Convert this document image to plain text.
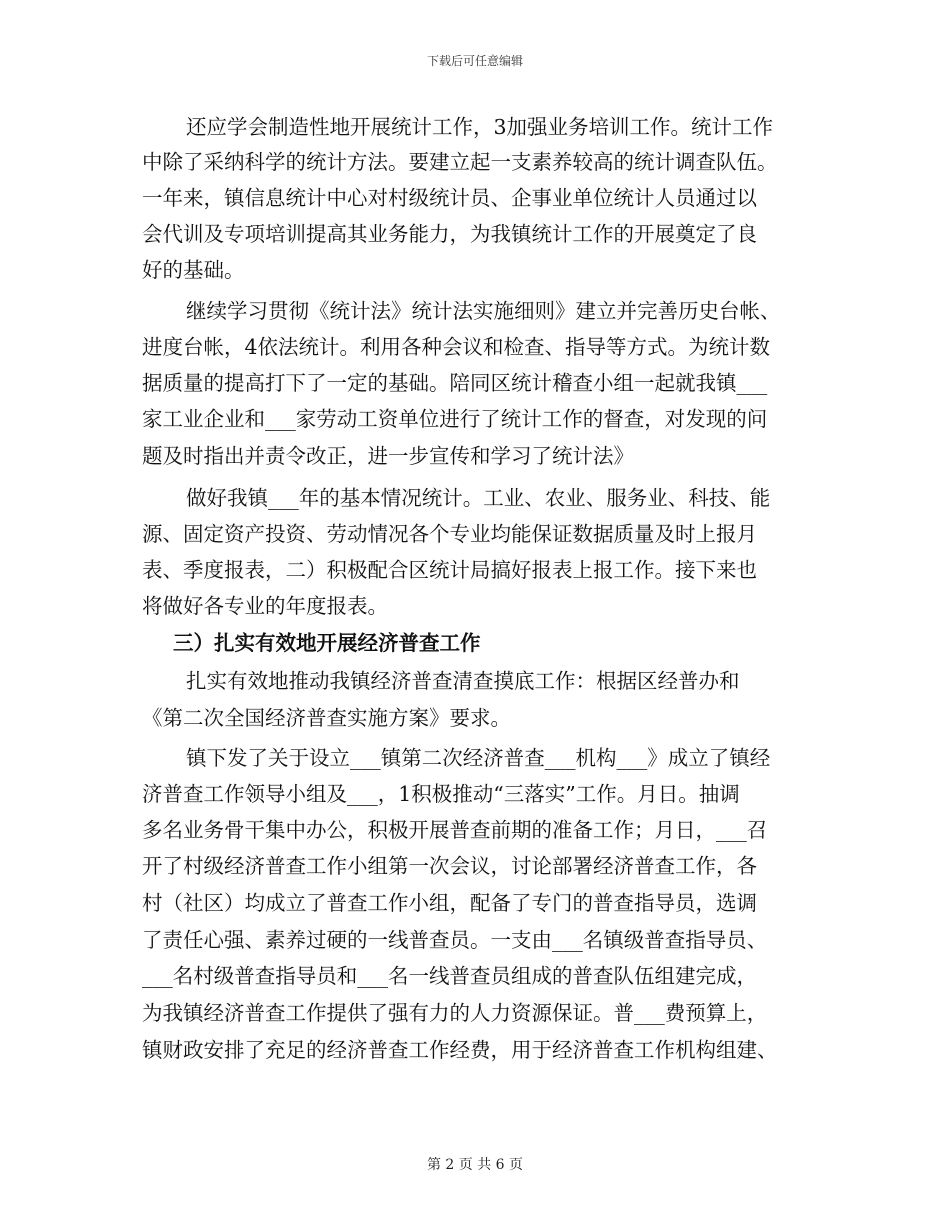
下载后可任意编辑
还应学会制造性地开展统计工作，3加强业务培训工作。统计工作
中除了采纳科学的统计方法。要建立起一支素养较高的统计调查队伍。
一年来，镇信息统计中心对村级统计员、企事业单位统计人员通过以
会代训及专项培训提高其业务能力，为我镇统计工作的开展奠定了良
好的基础。
继续学习贯彻《统计法》统计法实施细则》建立并完善历史台帐、
进度台帐，4依法统计。利用各种会议和检查、指导等方式。为统计数
据质量的提高打下了一定的基础。陪同区统计稽查小组一起就我镇___
家工业企业和___家劳动工资单位进行了统计工作的督查，对发现的问
题及时指出并责令改正，进一步宣传和学习了统计法》
做好我镇___年的基本情况统计。工业、农业、服务业、科技、能
源、固定资产投资、劳动情况各个专业均能保证数据质量及时上报月
表、季度报表，二）积极配合区统计局搞好报表上报工作。接下来也
将做好各专业的年度报表。
三）扎实有效地开展经济普查工作
扎实有效地推动我镇经济普查清查摸底工作：根据区经普办和
《第二次全国经济普查实施方案》要求。
镇下发了关于设立___镇第二次经济普查___机构___》成立了镇经
济普查工作领导小组及___，1积极推动“三落实”工作。月日。抽调
多名业务骨干集中办公，积极开展普查前期的准备工作；月日，___召
开了村级经济普查工作小组第一次会议，讨论部署经济普查工作，各
村（社区）均成立了普查工作小组，配备了专门的普查指导员，选调
了责任心强、素养过硬的一线普查员。一支由___名镇级普查指导员、
___名村级普查指导员和___名一线普查员组成的普查队伍组建完成，
为我镇经济普查工作提供了强有力的人力资源保证。普___费预算上，
镇财政安排了充足的经济普查工作经费，用于经济普查工作机构组建、
第 2 页 共 6 页
